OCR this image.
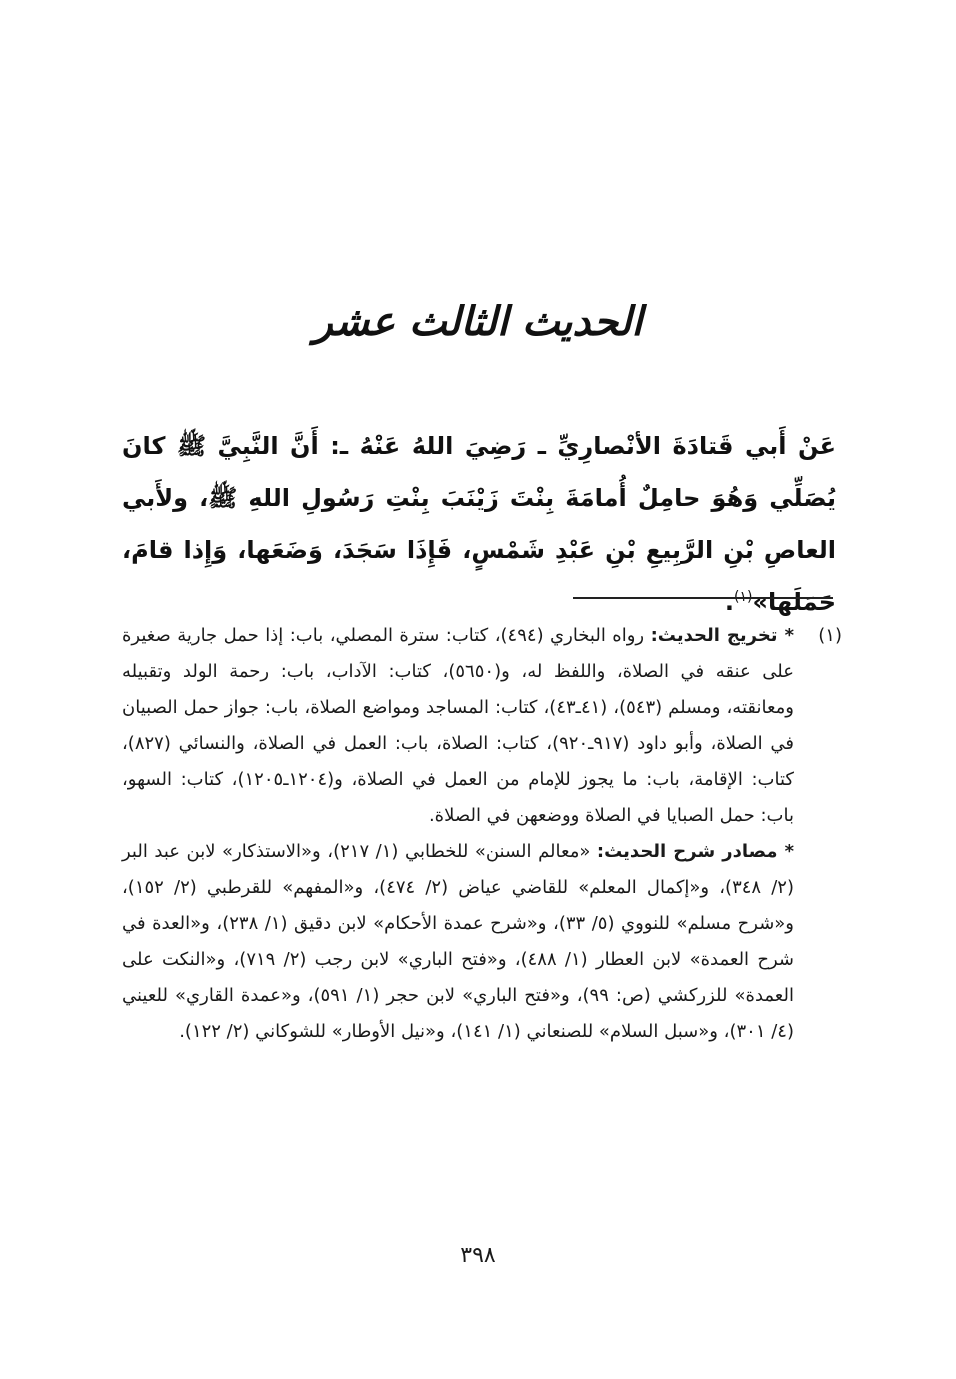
الحديث الثالث عشر
عَنْ أَبي قَتادَةَ الأنْصارِيِّ ـ رَضِيَ اللهُ عَنْهُ ـ: أَنَّ النَّبِيَّ ﷺ كانَ يُصَلِّي وَهُوَ حامِلٌ أُمامَةَ بِنْتَ زَيْنَبَ بِنْتِ رَسُولِ اللهِ ﷺ، ولأَبي العاصِ بْنِ الرَّبِيعِ بْنِ عَبْدِ شَمْسٍ، فَإِذَا سَجَدَ، وَضَعَها، وَإِذا قامَ، حَمَلَها»$^{(١)}$.
(١)

* تخريج الحديث: رواه البخاري (٤٩٤)، كتاب: سترة المصلي، باب: إذا حمل جارية صغيرة على عنقه في الصلاة، واللفظ له، و(٥٦٥٠)، كتاب: الآداب، باب: رحمة الولد وتقبيله ومعانقته، ومسلم (٥٤٣)، (٤١ـ٤٣)، كتاب: المساجد ومواضع الصلاة، باب: جواز حمل الصبيان في الصلاة، وأبو داود (٩١٧ـ٩٢٠)، كتاب: الصلاة، باب: العمل في الصلاة، والنسائي (٨٢٧)، كتاب: الإقامة، باب: ما يجوز للإمام من العمل في الصلاة، و(١٢٠٤ـ١٢٠٥)، كتاب: السهو، باب: حمل الصبايا في الصلاة ووضعهن في الصلاة.

* مصادر شرح الحديث: «معالم السنن» للخطابي (١/ ٢١٧)، و«الاستذكار» لابن عبد البر (٢/ ٣٤٨)، و«إكمال المعلم» للقاضي عياض (٢/ ٤٧٤)، و«المفهم» للقرطبي (٢/ ١٥٢)، و«شرح مسلم» للنووي (٥/ ٣٣)، و«شرح عمدة الأحكام» لابن دقيق (١/ ٢٣٨)، و«العدة في شرح العمدة» لابن العطار (١/ ٤٨٨)، و«فتح الباري» لابن رجب (٢/ ٧١٩)، و«النكت على العمدة» للزركشي (ص: ٩٩)، و«فتح الباري» لابن حجر (١/ ٥٩١)، و«عمدة القاري» للعيني (٤/ ٣٠١)، و«سبل السلام» للصنعاني (١/ ١٤١)، و«نيل الأوطار» للشوكاني (٢/ ١٢٢).

٣٩٨
